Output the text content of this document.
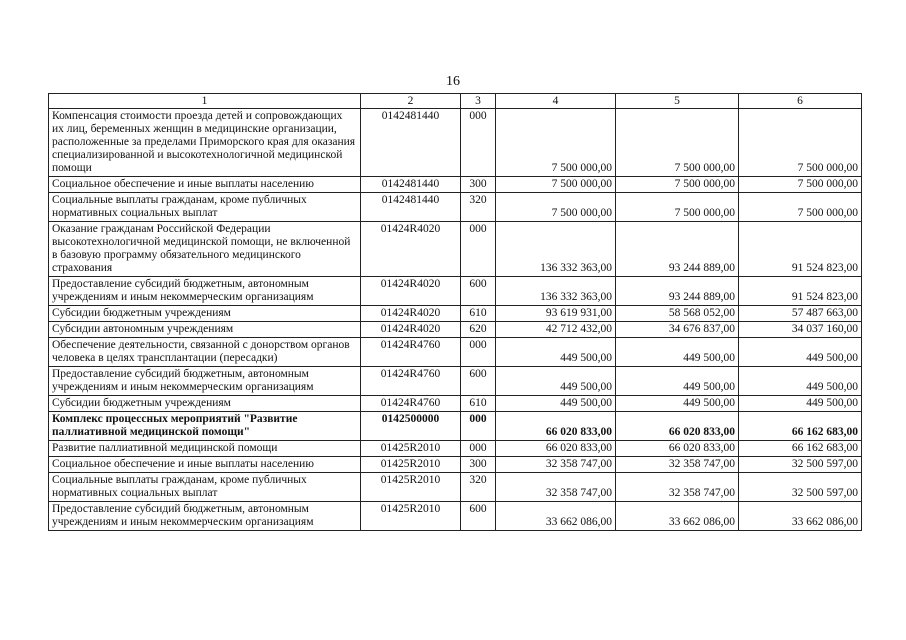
16
1	2	3	4	5	6
Компенсация стоимости проезда детей и сопровождающих их лиц, беременных женщин в медицинские организации, расположенные за пределами Приморского края для оказания специализированной и высокотехнологичной медицинской помощи	0142481440	000	7 500 000,00	7 500 000,00	7 500 000,00
Социальное обеспечение и иные выплаты населению	0142481440	300	7 500 000,00	7 500 000,00	7 500 000,00
Социальные выплаты гражданам, кроме публичных нормативных социальных выплат	0142481440	320	7 500 000,00	7 500 000,00	7 500 000,00
Оказание гражданам Российской Федерации высокотехнологичной медицинской помощи, не включенной в базовую программу обязательного медицинского страхования	01424R4020	000	136 332 363,00	93 244 889,00	91 524 823,00
Предоставление субсидий бюджетным, автономным учреждениям и иным некоммерческим организациям	01424R4020	600	136 332 363,00	93 244 889,00	91 524 823,00
Субсидии бюджетным учреждениям	01424R4020	610	93 619 931,00	58 568 052,00	57 487 663,00
Субсидии автономным учреждениям	01424R4020	620	42 712 432,00	34 676 837,00	34 037 160,00
Обеспечение деятельности, связанной с донорством органов человека в целях трансплантации (пересадки)	01424R4760	000	449 500,00	449 500,00	449 500,00
Предоставление субсидий бюджетным, автономным учреждениям и иным некоммерческим организациям	01424R4760	600	449 500,00	449 500,00	449 500,00
Субсидии бюджетным учреждениям	01424R4760	610	449 500,00	449 500,00	449 500,00
Комплекс процессных мероприятий "Развитие паллиативной медицинской помощи"	0142500000	000	66 020 833,00	66 020 833,00	66 162 683,00
Развитие паллиативной медицинской помощи	01425R2010	000	66 020 833,00	66 020 833,00	66 162 683,00
Социальное обеспечение и иные выплаты населению	01425R2010	300	32 358 747,00	32 358 747,00	32 500 597,00
Социальные выплаты гражданам, кроме публичных нормативных социальных выплат	01425R2010	320	32 358 747,00	32 358 747,00	32 500 597,00
Предоставление субсидий бюджетным, автономным учреждениям и иным некоммерческим организациям	01425R2010	600	33 662 086,00	33 662 086,00	33 662 086,00
